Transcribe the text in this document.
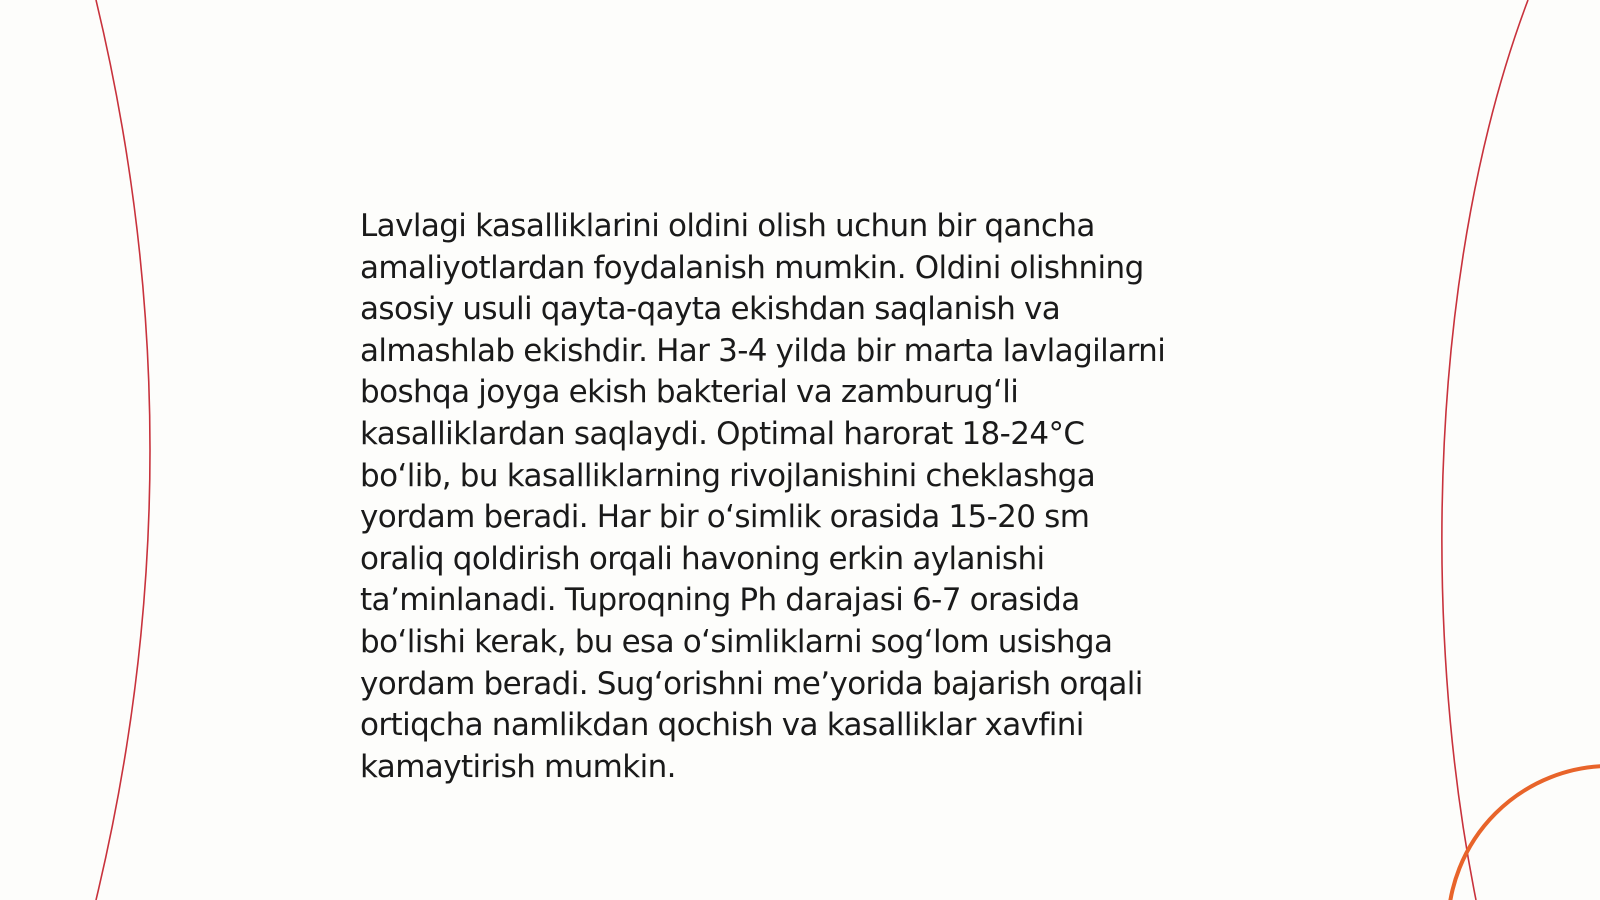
Lavlagi kasalliklarini oldini olish uchun bir qancha
amaliyotlardan foydalanish mumkin. Oldini olishning
asosiy usuli qayta-qayta ekishdan saqlanish va
almashlab ekishdir. Har 3-4 yilda bir marta lavlagilarni
boshqa joyga ekish bakterial va zamburug‘li
kasalliklardan saqlaydi. Optimal harorat 18-24°C
bo‘lib, bu kasalliklarning rivojlanishini cheklashga
yordam beradi. Har bir o‘simlik orasida 15-20 sm
oraliq qoldirish orqali havoning erkin aylanishi
ta’minlanadi. Tuproqning Ph darajasi 6-7 orasida
bo‘lishi kerak, bu esa o‘simliklarni sog‘lom usishga
yordam beradi. Sug‘orishni me’yorida bajarish orqali
ortiqcha namlikdan qochish va kasalliklar xavfini
kamaytirish mumkin.
